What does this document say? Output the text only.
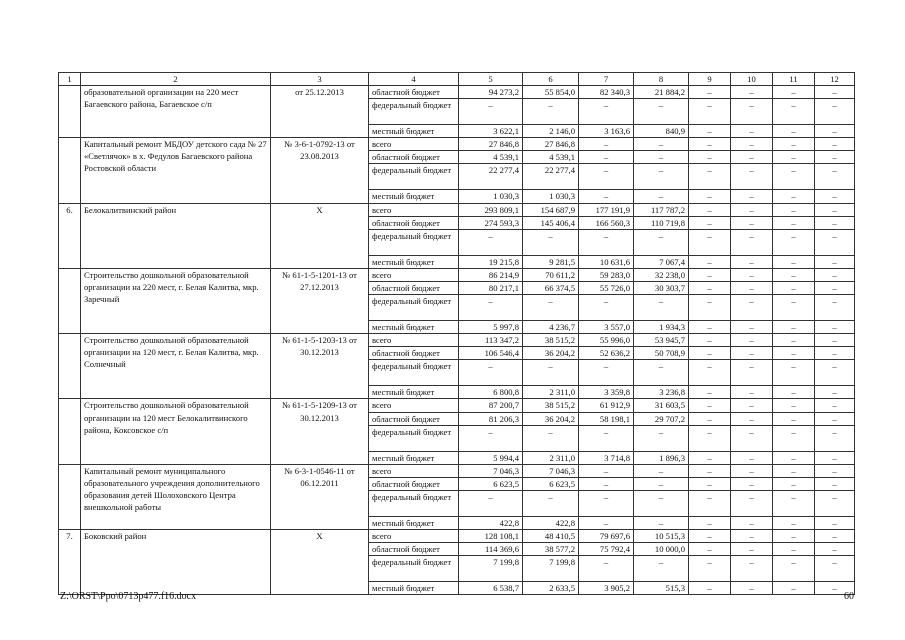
1	2	3	4	5	6	7	8	9	10	11	12
	образовательной организации на 220 мест Багаевского района, Багаевское с/п	от 25.12.2013	областной бюджет	94 273,2	55 854,0	82 340,3	21 884,2	–	–	–	–
			федеральный бюджет	–	–	–	–	–	–	–	–
			местный бюджет	3 622,1	2 146,0	3 163,6	840,9	–	–	–	–
	Капитальный ремонт МБДОУ детского сада № 27 «Светлячок» в х. Федулов Багаевского района Ростовской области	№ 3-6-1-0792-13 от 23.08.2013	всего	27 846,8	27 846,8	–	–	–	–	–	–
			областной бюджет	4 539,1	4 539,1	–	–	–	–	–	–
			федеральный бюджет	22 277,4	22 277,4	–	–	–	–	–	–
			местный бюджет	1 030,3	1 030,3	–	–	–	–	–	–
6.	Белокалитвинский район	Х	всего	293 809,1	154 687,9	177 191,9	117 787,2	–	–	–	–
			областной бюджет	274 593,3	145 406,4	166 560,3	110 719,8	–	–	–	–
			федеральный бюджет	–	–	–	–	–	–	–	–
			местный бюджет	19 215,8	9 281,5	10 631,6	7 067,4	–	–	–	–
	Строительство дошкольной образовательной организации на 220 мест, г. Белая Калитва, мкр. Заречный	№ 61-1-5-1201-13 от 27.12.2013	всего	86 214,9	70 611,2	59 283,0	32 238,0	–	–	–	–
			областной бюджет	80 217,1	66 374,5	55 726,0	30 303,7	–	–	–	–
			федеральный бюджет	–	–	–	–	–	–	–	–
			местный бюджет	5 997,8	4 236,7	3 557,0	1 934,3	–	–	–	–
	Строительство дошкольной образовательной организации на 120 мест, г. Белая Калитва, мкр. Солнечный	№ 61-1-5-1203-13 от 30.12.2013	всего	113 347,2	38 515,2	55 996,0	53 945,7	–	–	–	–
			областной бюджет	106 546,4	36 204,2	52 636,2	50 708,9	–	–	–	–
			федеральный бюджет	–	–	–	–	–	–	–	–
			местный бюджет	6 800,8	2 311,0	3 359,8	3 236,8	–	–	–	–
	Строительство дошкольной образовательной организации на 120 мест Белокалитвинского района, Коксовское с/п	№ 61-1-5-1209-13 от 30.12.2013	всего	87 200,7	38 515,2	61 912,9	31 603,5	–	–	–	–
			областной бюджет	81 206,3	36 204,2	58 198,1	29 707,2	–	–	–	–
			федеральный бюджет	–	–	–	–	–	–	–	–
			местный бюджет	5 994,4	2 311,0	3 714,8	1 896,3	–	–	–	–
	Капитальный ремонт муниципального образовательного учреждения дополнительного образования детей Шолоховского Центра внешкольной работы	№ 6-3-1-0546-11 от 06.12.2011	всего	7 046,3	7 046,3	–	–	–	–	–	–
			областной бюджет	6 623,5	6 623,5	–	–	–	–	–	–
			федеральный бюджет	–	–	–	–	–	–	–	–
			местный бюджет	422,8	422,8	–	–	–	–	–	–
7.	Боковский район	Х	всего	128 108,1	48 410,5	79 697,6	10 515,3	–	–	–	–
			областной бюджет	114 369,6	38 577,2	75 792,4	10 000,0	–	–	–	–
			федеральный бюджет	7 199,8	7 199,8	–	–	–	–	–	–
			местный бюджет	6 538,7	2 633,5	3 905,2	515,3	–	–	–	–
Z:\ORST\Ppo\0713p477.f16.docx	60
